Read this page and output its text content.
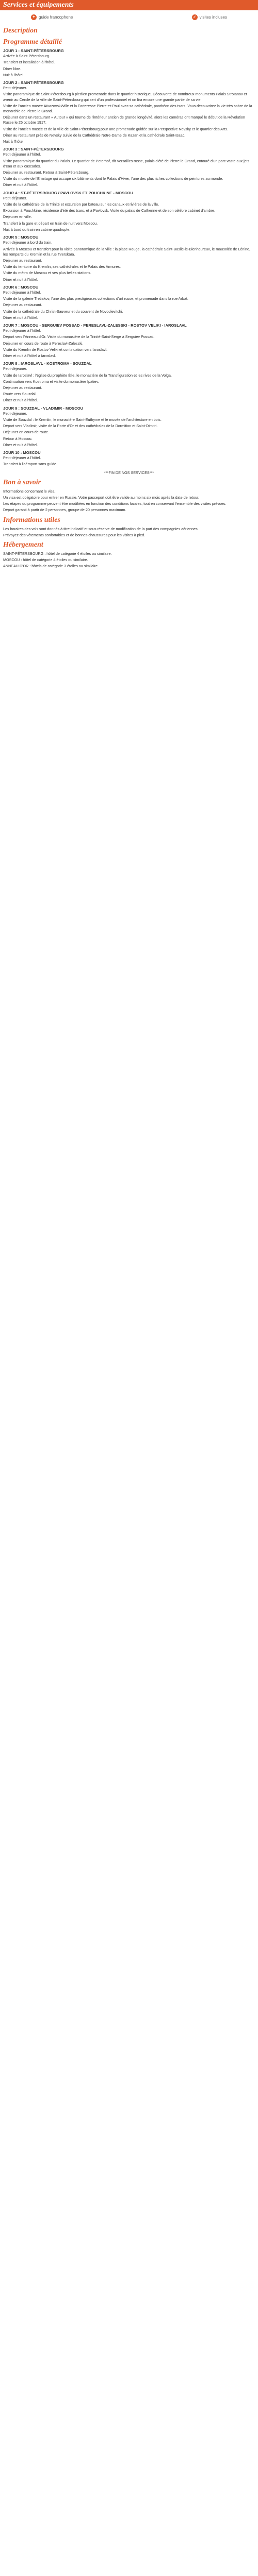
Services et équipements
✦ guide francophone	✓ visites incluses
Description
Programme détaillé
JOUR 1 : SAINT-PÉTERSBOURG
Arrivée à Saint-Pétersbourg.
Transfert et installation à l'hôtel.
Dîner libre.
Nuit à l'hôtel.
JOUR 2 : SAINT-PÉTERSBOURG
Petit-déjeuner.
Visite panoramique de Saint-Pétersbourg à pied/en promenade dans le quartier historique. Découverte de nombreux monuments Palais Stroïanov et avenir au Cercle de la ville de Saint-Pétersbourg qui sert d'un professionnel et on lira encore une grande partie de sa vie.
Visite de l'ancien musée Aïvazovski/ville et la Forteresse Pierre-et-Paul avec sa cathédrale, panthéon des tsars. Vous découvrirez la vie très sobre de la monarchie de Pierre le Grand.
Déjeuner dans un restaurant « Autour » qui tourne de l'intérieur ancien de grande longévité, alors les caméras ont marqué le début de la Révolution Russe le 25 octobre 1917.
Visite de l'ancien musée et de la ville de Saint-Pétersbourg pour une promenade guidée sur la Perspective Nevsky et le quartier des Arts.
Dîner au restaurant près de Nevsky suivie de la Cathédrale Notre-Dame de Kazan et la cathédrale Saint-Isaac.
Nuit à l'hôtel.
JOUR 3 : SAINT-PÉTERSBOURG
Petit-déjeuner à l'hôtel.
Visite panoramique du quartier du Palais. Le quartier de Peterhof, dit Versailles russe, palais d'été de Pierre le Grand, entouré d'un parc vaste aux jets d'eau et aux cascades.
Déjeuner au restaurant. Retour à Saint-Pétersbourg.
Visite du musée de l'Ermitage qui occupe six bâtiments dont le Palais d'Hiver, l'une des plus riches collections de peintures au monde.
Dîner et nuit à l'hôtel.
JOUR 4 : ST-PÉTERSBOURG / PAVLOVSK ET POUCHKINE - MOSCOU
Petit-déjeuner.
Visite de la cathédrale de la Trinité et excursion par bateau sur les canaux et rivières de la ville.
Excursion à Pouchkine, résidence d'été des tsars, et à Pavlovsk. Visite du palais de Catherine et de son célèbre cabinet d'ambre.
Déjeuner en ville.
Transfert à la gare et départ en train de nuit vers Moscou.
Nuit à bord du train en cabine quadruple.
JOUR 5 : MOSCOU
Petit-déjeuner à bord du train.
Arrivée à Moscou et transfert pour la visite panoramique de la ville : la place Rouge, la cathédrale Saint-Basile-le-Bienheureux, le mausolée de Lénine, les remparts du Kremlin et la rue Tverskaïa.
Déjeuner au restaurant.
Visite du territoire du Kremlin, ses cathédrales et le Palais des Armures.
Visite du métro de Moscou et ses plus belles stations.
Dîner et nuit à l'hôtel.
JOUR 6 : MOSCOU
Petit-déjeuner à l'hôtel.
Visite de la galerie Tretiakov, l'une des plus prestigieuses collections d'art russe, et promenade dans la rue Arbat.
Déjeuner au restaurant.
Visite de la cathédrale du Christ-Sauveur et du couvent de Novodievitchi.
Dîner et nuit à l'hôtel.
JOUR 7 : MOSCOU - SERGUIEV POSSAD - PERESLAVL-ZALESSKI - ROSTOV VELIKI - IAROSLAVL
Petit-déjeuner à l'hôtel.
Départ vers l'Anneau d'Or. Visite du monastère de la Trinité-Saint-Serge à Serguiev Possad.
Déjeuner en cours de route à Pereslavl-Zalesski.
Visite du Kremlin de Rostov Veliki et continuation vers Iaroslavl.
Dîner et nuit à l'hôtel à Iaroslavl.
JOUR 8 : IAROSLAVL - KOSTROMA - SOUZDAL
Petit-déjeuner.
Visite de Iaroslavl : l'église du prophète Élie, le monastère de la Transfiguration et les rives de la Volga.
Continuation vers Kostroma et visite du monastère Ipatiev.
Déjeuner au restaurant.
Route vers Souzdal.
Dîner et nuit à l'hôtel.
JOUR 9 : SOUZDAL - VLADIMIR - MOSCOU
Petit-déjeuner.
Visite de Souzdal : le Kremlin, le monastère Saint-Euthyme et le musée de l'architecture en bois.
Départ vers Vladimir, visite de la Porte d'Or et des cathédrales de la Dormition et Saint-Dimitri.
Déjeuner en cours de route.
Retour à Moscou.
Dîner et nuit à l'hôtel.
JOUR 10 : MOSCOU
Petit-déjeuner à l'hôtel.
Transfert à l'aéroport sans guide.
***FIN DE NOS SERVICES***
Bon à savoir
Informations concernant le visa :
Un visa est obligatoire pour entrer en Russie. Votre passeport doit être valide au moins six mois après la date de retour.
Les étapes du programme peuvent être modifiées en fonction des conditions locales, tout en conservant l'ensemble des visites prévues.
Départ garanti à partir de 2 personnes, groupe de 20 personnes maximum.
Informations utiles
Les horaires des vols sont donnés à titre indicatif et sous réserve de modification de la part des compagnies aériennes.
Prévoyez des vêtements confortables et de bonnes chaussures pour les visites à pied.
Hébergement
SAINT-PÉTERSBOURG : hôtel de catégorie 4 étoiles ou similaire.
MOSCOU : hôtel de catégorie 4 étoiles ou similaire.
ANNEAU D'OR : hôtels de catégorie 3 étoiles ou similaire.
